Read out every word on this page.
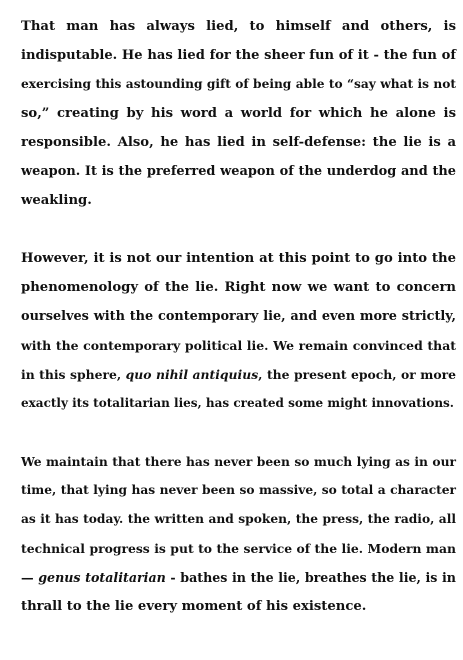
That man has always lied, to himself and others, is
indisputable. He has lied for the sheer fun of it - the fun of
exercising this astounding gift of being able to “say what is not
so,” creating by his word a world for which he alone is
responsible. Also, he has lied in self-defense: the lie is a
weapon. It is the preferred weapon of the underdog and the
weakling.

However, it is not our intention at this point to go into the
phenomenology of the lie. Right now we want to concern
ourselves with the contemporary lie, and even more strictly,
with the contemporary political lie. We remain convinced that
in this sphere, quo nihil antiquius, the present epoch, or more
exactly its totalitarian lies, has created some might innovations.

We maintain that there has never been so much lying as in our
time, that lying has never been so massive, so total a character
as it has today. the written and spoken, the press, the radio, all
technical progress is put to the service of the lie. Modern man
— genus totalitarian - bathes in the lie, breathes the lie, is in
thrall to the lie every moment of his existence.
